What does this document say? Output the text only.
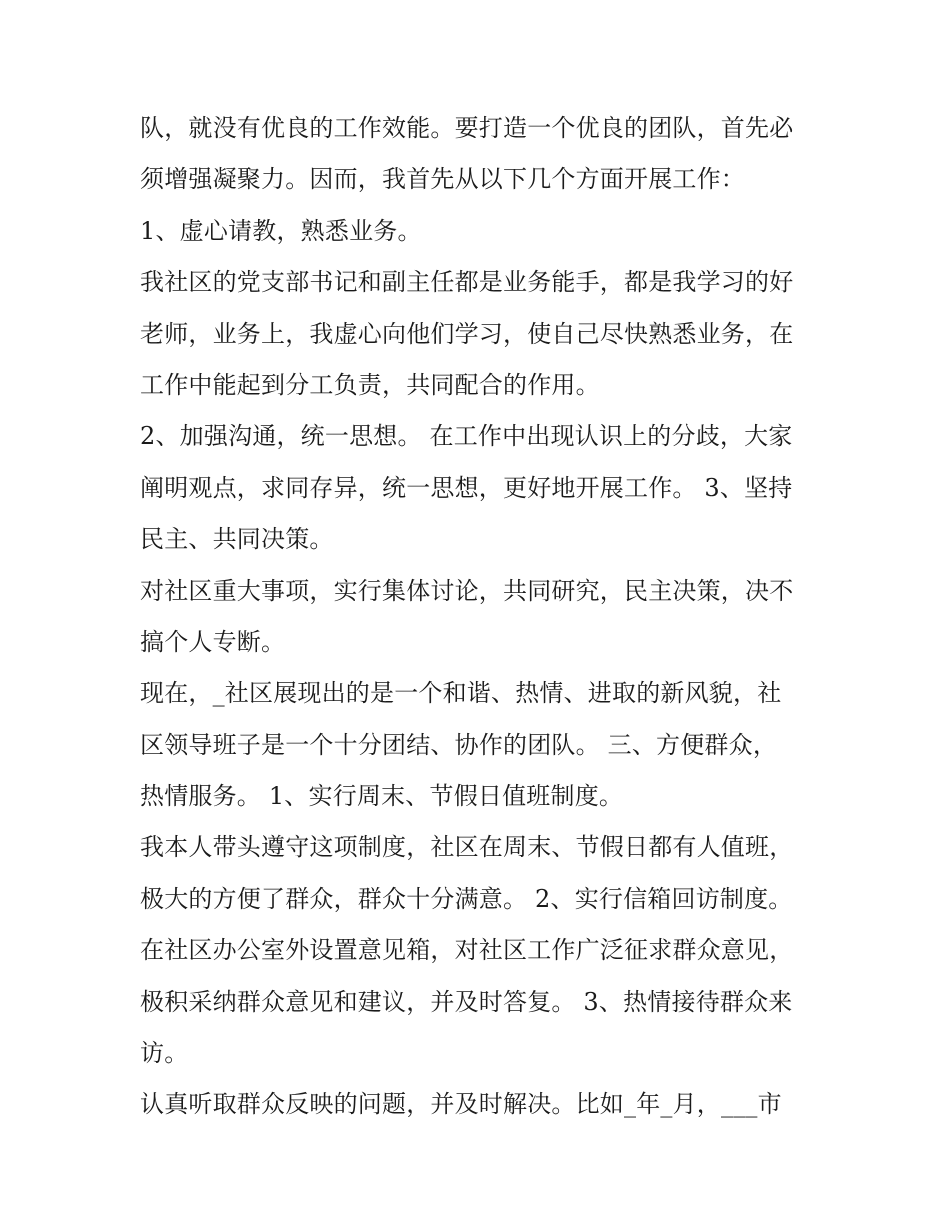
队，就没有优良的工作效能。要打造一个优良的团队，首先必
须增强凝聚力。因而，我首先从以下几个方面开展工作：
1、虚心请教，熟悉业务。
我社区的党支部书记和副主任都是业务能手，都是我学习的好
老师，业务上，我虚心向他们学习，使自己尽快熟悉业务，在
工作中能起到分工负责，共同配合的作用。
2、加强沟通，统一思想。 在工作中出现认识上的分歧，大家
阐明观点，求同存异，统一思想，更好地开展工作。 3、坚持
民主、共同决策。
对社区重大事项，实行集体讨论，共同研究，民主决策，决不
搞个人专断。
现在，_社区展现出的是一个和谐、热情、进取的新风貌，社
区领导班子是一个十分团结、协作的团队。 三、方便群众，
热情服务。 1、实行周末、节假日值班制度。
我本人带头遵守这项制度，社区在周末、节假日都有人值班，
极大的方便了群众，群众十分满意。 2、实行信箱回访制度。
在社区办公室外设置意见箱，对社区工作广泛征求群众意见，
极积采纳群众意见和建议，并及时答复。 3、热情接待群众来
访。
认真听取群众反映的问题，并及时解决。比如_年_月，___市
